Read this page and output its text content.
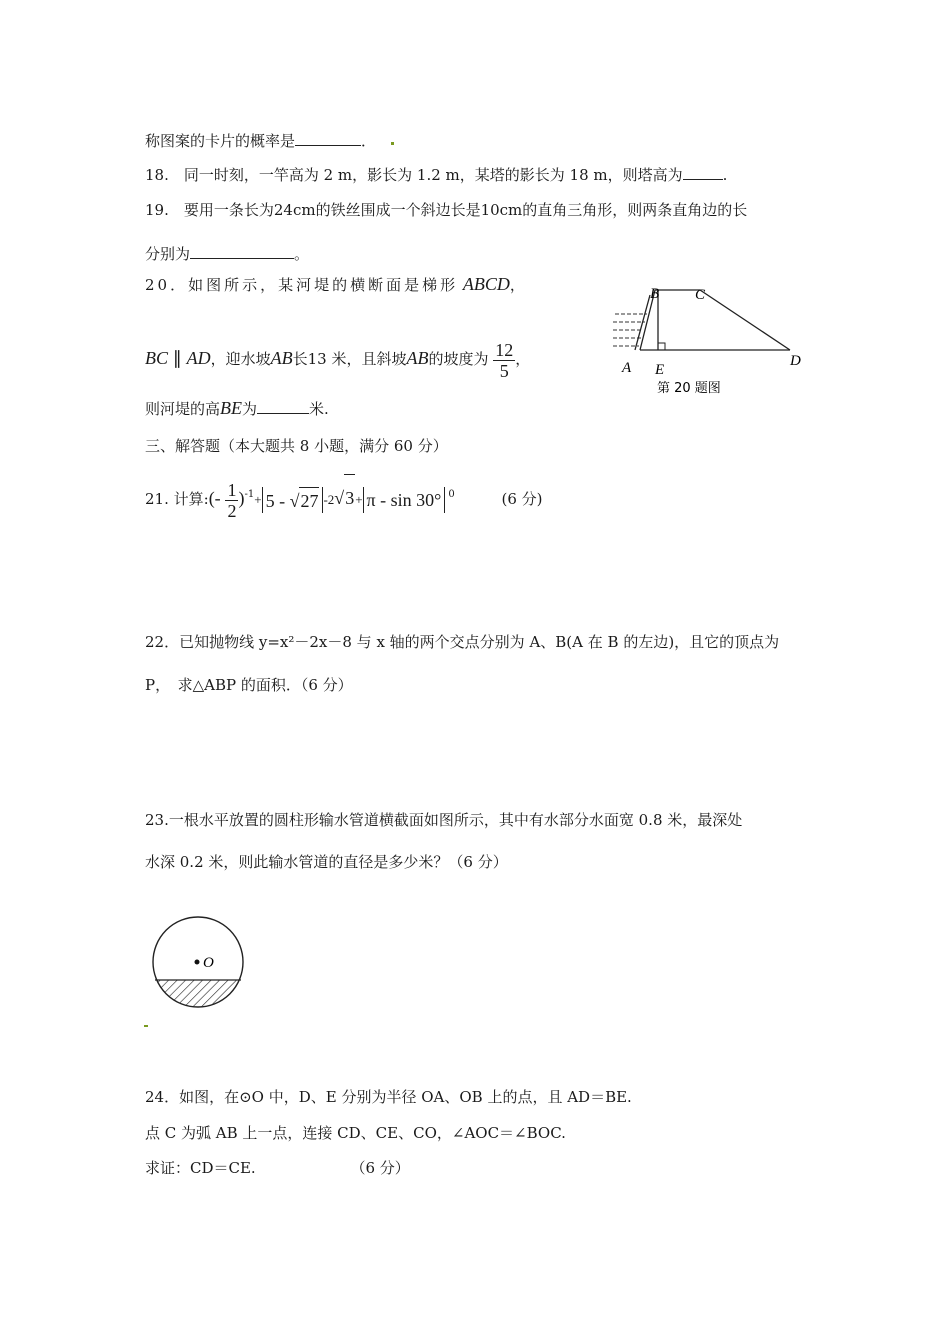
称图案的卡片的概率是	．
18.　同一时刻，一竿高为 2 m，影长为 1.2 m，某塔的影长为 18 m，则塔高为	.
19.　要用一条长为24cm的铁丝围成一个斜边长是10cm的直角三角形，则两条直角边的长
分别为	。
20．如图所示，某河堤的横断面是梯形 ABCD，
BC ∥ AD，迎水坡AB长13 米，且斜坡AB的坡度为 $\frac{12}{5}$ ，
则河堤的高BE为	米.
B C
A E
D
第 20 题图
三、解答题（本大题共 8 小题，满分 60 分）
21. 计算:(- $\frac{1}{2} )^{-1}+ 5 - √27$ -2√3+ π - sin 30° $^0$	(6 分)
22．已知抛物线 y=x²－2x－8 与 x 轴的两个交点分别为 A、B(A 在 B 的左边)，且它的顶点为
P，　求△ABP 的面积．（6 分）
23.一根水平放置的圆柱形输水管道横截面如图所示，其中有水部分水面宽 0.8 米，最深处
水深 0.2 米，则此输水管道的直径是多少米？（6 分）
O
24．如图，在⊙O 中，D、E 分别为半径 OA、OB 上的点，且 AD＝BE.
点 C 为弧 AB 上一点，连接 CD、CE、CO，∠AOC＝∠BOC.
求证：CD＝CE.	（6 分）
